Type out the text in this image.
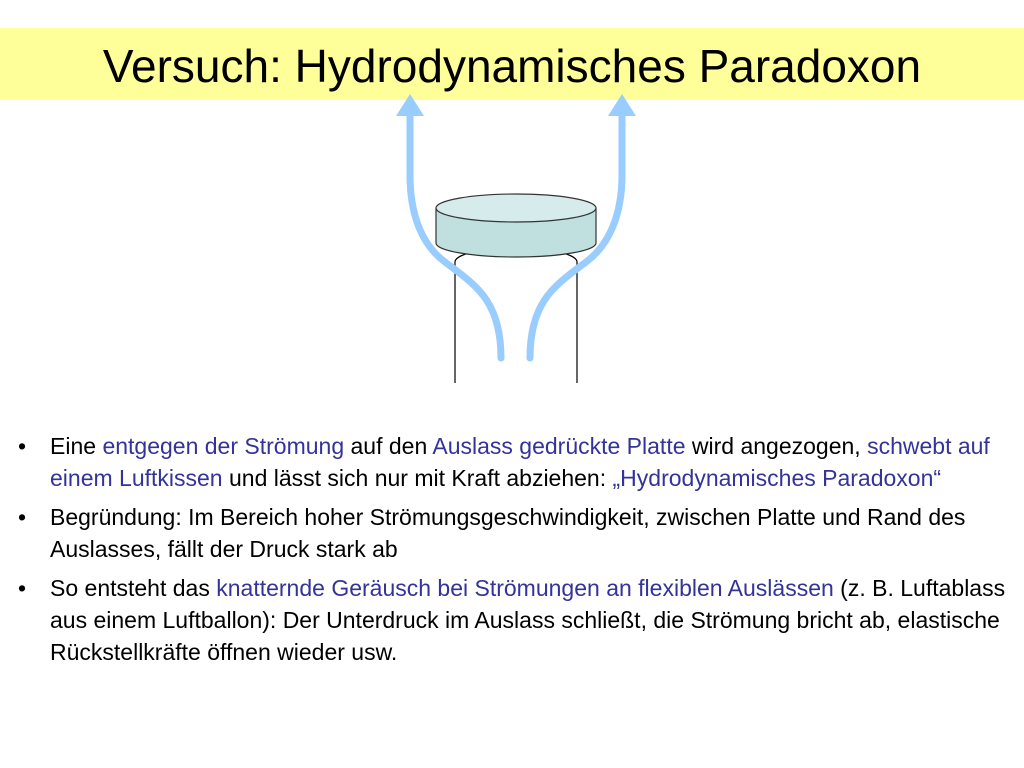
Versuch: Hydrodynamisches Paradoxon
• Eine entgegen der Strömung auf den Auslass gedrückte Platte wird angezogen, schwebt auf einem Luftkissen und lässt sich nur mit Kraft abziehen: „Hydrodynamisches Paradoxon“
• Begründung: Im Bereich hoher Strömungsgeschwindigkeit, zwischen Platte und Rand des Auslasses, fällt der Druck stark ab
• So entsteht das knatternde Geräusch bei Strömungen an flexiblen Auslässen (z. B. Luftablass aus einem Luftballon): Der Unterdruck im Auslass schließt, die Strömung bricht ab, elastische Rückstellkräfte öffnen wieder usw.
